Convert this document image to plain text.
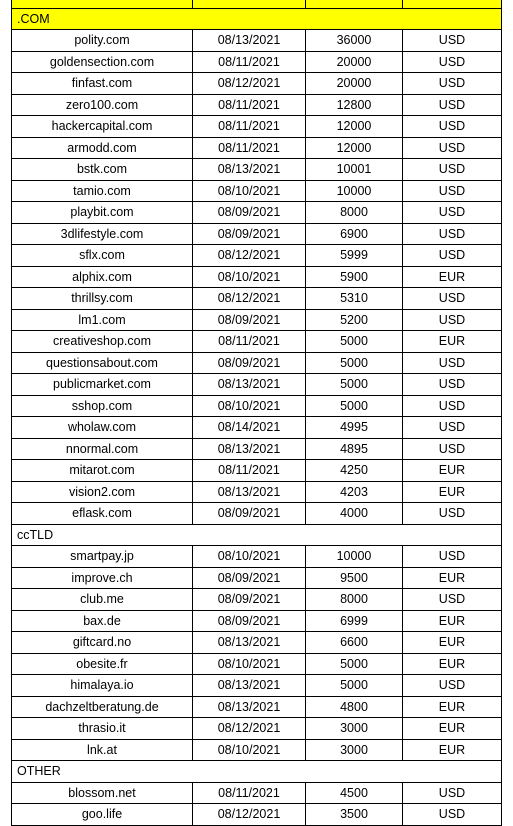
.COM			
polity.com	08/13/2021	36000	USD
goldensection.com	08/11/2021	20000	USD
finfast.com	08/12/2021	20000	USD
zero100.com	08/11/2021	12800	USD
hackercapital.com	08/11/2021	12000	USD
armodd.com	08/11/2021	12000	USD
bstk.com	08/13/2021	10001	USD
tamio.com	08/10/2021	10000	USD
playbit.com	08/09/2021	8000	USD
3dlifestyle.com	08/09/2021	6900	USD
sflx.com	08/12/2021	5999	USD
alphix.com	08/10/2021	5900	EUR
thrillsy.com	08/12/2021	5310	USD
lm1.com	08/09/2021	5200	USD
creativeshop.com	08/11/2021	5000	EUR
questionsabout.com	08/09/2021	5000	USD
publicmarket.com	08/13/2021	5000	USD
sshop.com	08/10/2021	5000	USD
wholaw.com	08/14/2021	4995	USD
nnormal.com	08/13/2021	4895	USD
mitarot.com	08/11/2021	4250	EUR
vision2.com	08/13/2021	4203	EUR
eflask.com	08/09/2021	4000	USD
ccTLD			
smartpay.jp	08/10/2021	10000	USD
improve.ch	08/09/2021	9500	EUR
club.me	08/09/2021	8000	USD
bax.de	08/09/2021	6999	EUR
giftcard.no	08/13/2021	6600	EUR
obesite.fr	08/10/2021	5000	EUR
himalaya.io	08/13/2021	5000	USD
dachzeltberatung.de	08/13/2021	4800	EUR
thrasio.it	08/12/2021	3000	EUR
lnk.at	08/10/2021	3000	EUR
OTHER			
blossom.net	08/11/2021	4500	USD
goo.life	08/12/2021	3500	USD
